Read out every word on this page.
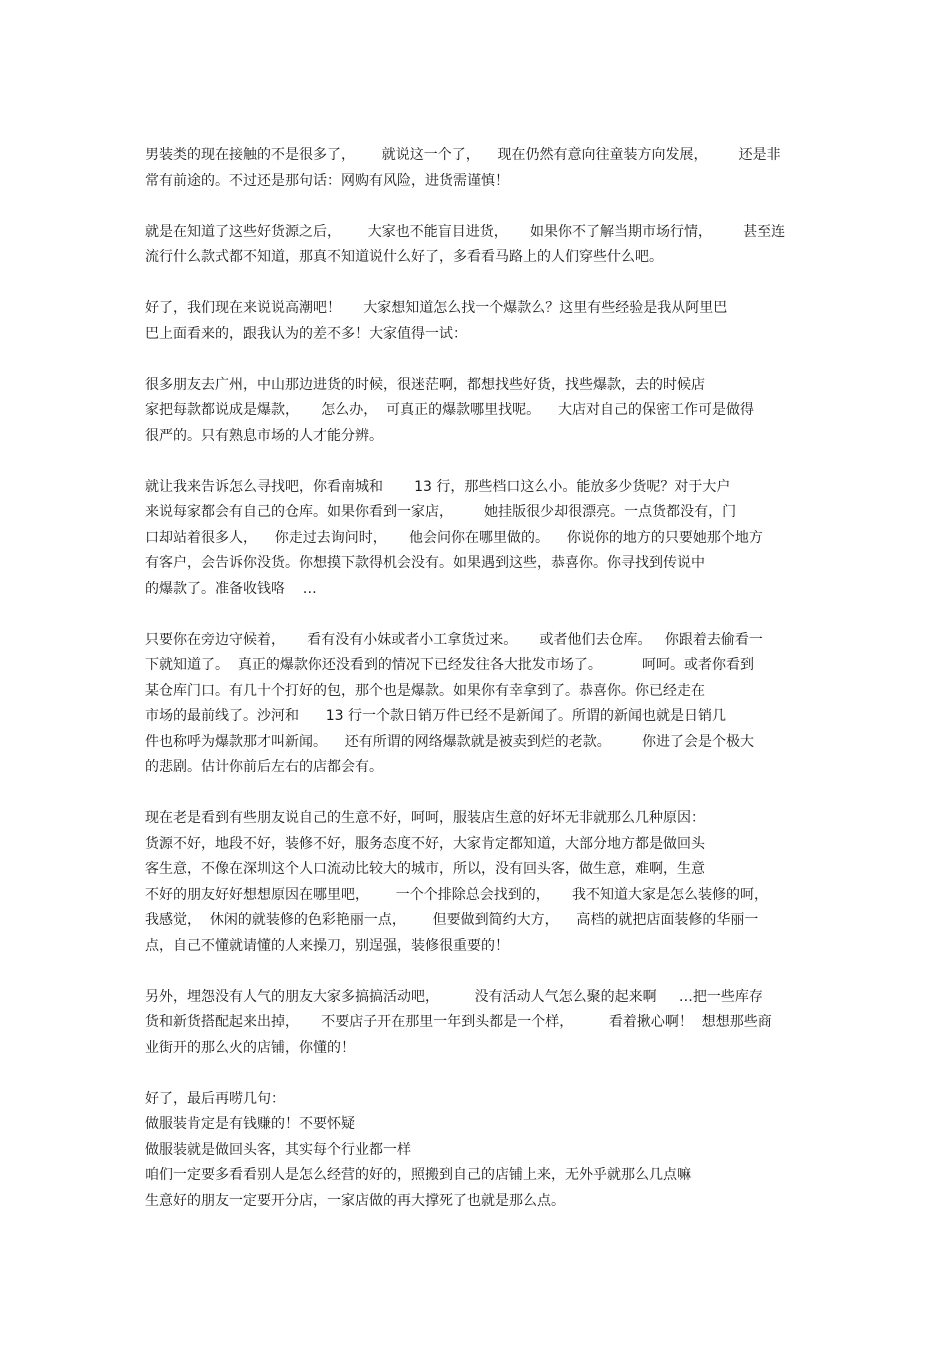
男装类的现在接触的不是很多了，      就说这一个了，    现在仍然有意向往童装方向发展，       还是非
常有前途的。不过还是那句话：网购有风险，进货需谨慎！
就是在知道了这些好货源之后，      大家也不能盲目进货，     如果你不了解当期市场行情，       甚至连
流行什么款式都不知道，那真不知道说什么好了，多看看马路上的人们穿些什么吧。
好了，我们现在来说说高潮吧！     大家想知道怎么找一个爆款么？这里有些经验是我从阿里巴
巴上面看来的，跟我认为的差不多！大家值得一试：
很多朋友去广州，中山那边进货的时候，很迷茫啊，都想找些好货，找些爆款，去的时候店
家把每款都说成是爆款，     怎么办，  可真正的爆款哪里找呢。    大店对自己的保密工作可是做得
很严的。只有熟息市场的人才能分辨。
就让我来告诉怎么寻找吧，你看南城和       13 行，那些档口这么小。能放多少货呢？对于大户
来说每家都会有自己的仓库。如果你看到一家店，       她挂版很少却很漂亮。一点货都没有，门
口却站着很多人，    你走过去询问时，     他会问你在哪里做的。    你说你的地方的只要她那个地方
有客户，会告诉你没货。你想摸下款得机会没有。如果遇到这些，恭喜你。你寻找到传说中
的爆款了。准备收钱咯    …
只要你在旁边守候着，     看有没有小妹或者小工拿货过来。     或者他们去仓库。   你跟着去偷看一
下就知道了。  真正的爆款你还没看到的情况下已经发往各大批发市场了。         呵呵。或者你看到
某仓库门口。有几十个打好的包，那个也是爆款。如果你有幸拿到了。恭喜你。你已经走在
市场的最前线了。沙河和      13 行一个款日销万件已经不是新闻了。所谓的新闻也就是日销几
件也称呼为爆款那才叫新闻。    还有所谓的网络爆款就是被卖到烂的老款。       你进了会是个极大
的悲剧。估计你前后左右的店都会有。
现在老是看到有些朋友说自己的生意不好，呵呵，服装店生意的好坏无非就那么几种原因：
货源不好，地段不好，装修不好，服务态度不好，大家肯定都知道，大部分地方都是做回头
客生意，不像在深圳这个人口流动比较大的城市，所以，没有回头客，做生意，难啊，生意
不好的朋友好好想想原因在哪里吧，      一个个排除总会找到的，     我不知道大家是怎么装修的呵，
我感觉，  休闲的就装修的色彩艳丽一点，      但要做到简约大方，    高档的就把店面装修的华丽一
点，自己不懂就请懂的人来操刀，别逞强，装修很重要的！
另外，埋怨没有人气的朋友大家多搞搞活动吧，        没有活动人气怎么聚的起来啊     …把一些库存
货和新货搭配起来出掉，     不要店子开在那里一年到头都是一个样，        看着揪心啊！  想想那些商
业街开的那么火的店铺，你懂的！
好了，最后再唠几句：
做服装肯定是有钱赚的！不要怀疑
做服装就是做回头客，其实每个行业都一样
咱们一定要多看看别人是怎么经营的好的，照搬到自己的店铺上来，无外乎就那么几点嘛
生意好的朋友一定要开分店，一家店做的再大撑死了也就是那么点。
